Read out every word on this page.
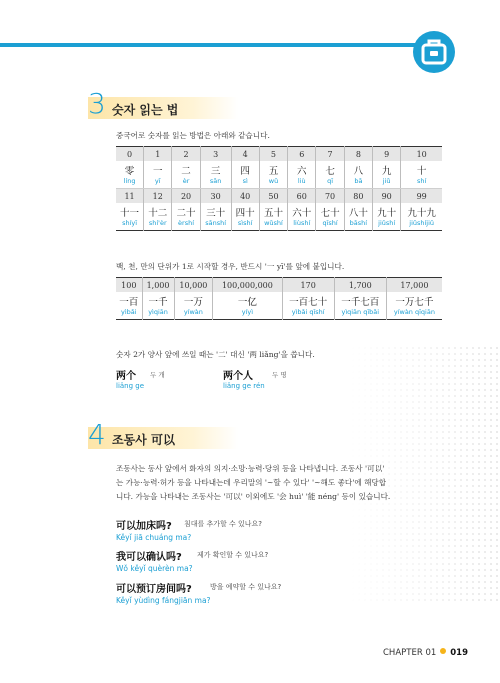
3 숫자 읽는 법
중국어로 숫자를 읽는 방법은 아래와 같습니다.
0	1	2	3	4	5	6	7	8	9	10
零	一	二	三	四	五	六	七	八	九	十
líng	yī	èr	sān	sì	wǔ	liù	qī	bā	jiǔ	shí
11	12	20	30	40	50	60	70	80	90	99
十一	十二	二十	三十	四十	五十	六十	七十	八十	九十	九十九
shíyī	shí'èr	èrshí	sānshí	sìshí	wǔshí	liùshí	qīshí	bāshí	jiǔshí	jiǔshíjiǔ
100	1,000	10,000	100,000,000	170	1,700	17,000
一百	一千	一万	一亿	一百七十	一千七百	一万七千
yìbǎi	yìqiān	yíwàn	yíyì	yìbǎi qīshí	yìqiān qībǎi	yíwàn qīqiān
백, 천, 만의 단위가 1로 시작할 경우, 반드시 '一 yī'를 앞에 붙입니다.
숫자 2가 양사 앞에 쓰일 때는 '二' 대신 '两 liǎng'을 씁니다.
两个 두 개
liǎng ge
两个人	두 명
liǎng ge rén
4 조동사 可以
조동사는 동사 앞에서 화자의 의지·소망·능력·당위 등을 나타냅니다. 조동사 '可以'
는 가능·능력·허가 등을 나타내는데 우리말의 '~할 수 있다' '~해도 좋다'에 해당합
니다. 가능을 나타내는 조동사는 '可以' 이외에도 '会 huì' '能 néng' 등이 있습니다.
可以加床吗? 침대를 추가할 수 있나요?
Kěyǐ jiā chuáng ma?
我可以确认吗? 제가 확인할 수 있나요?
Wǒ kěyǐ quèrèn ma?
可以预订房间吗?	방을 예약할 수 있나요?
Kěyǐ yùdìng fángjiān ma?
CHAPTER 01 019
